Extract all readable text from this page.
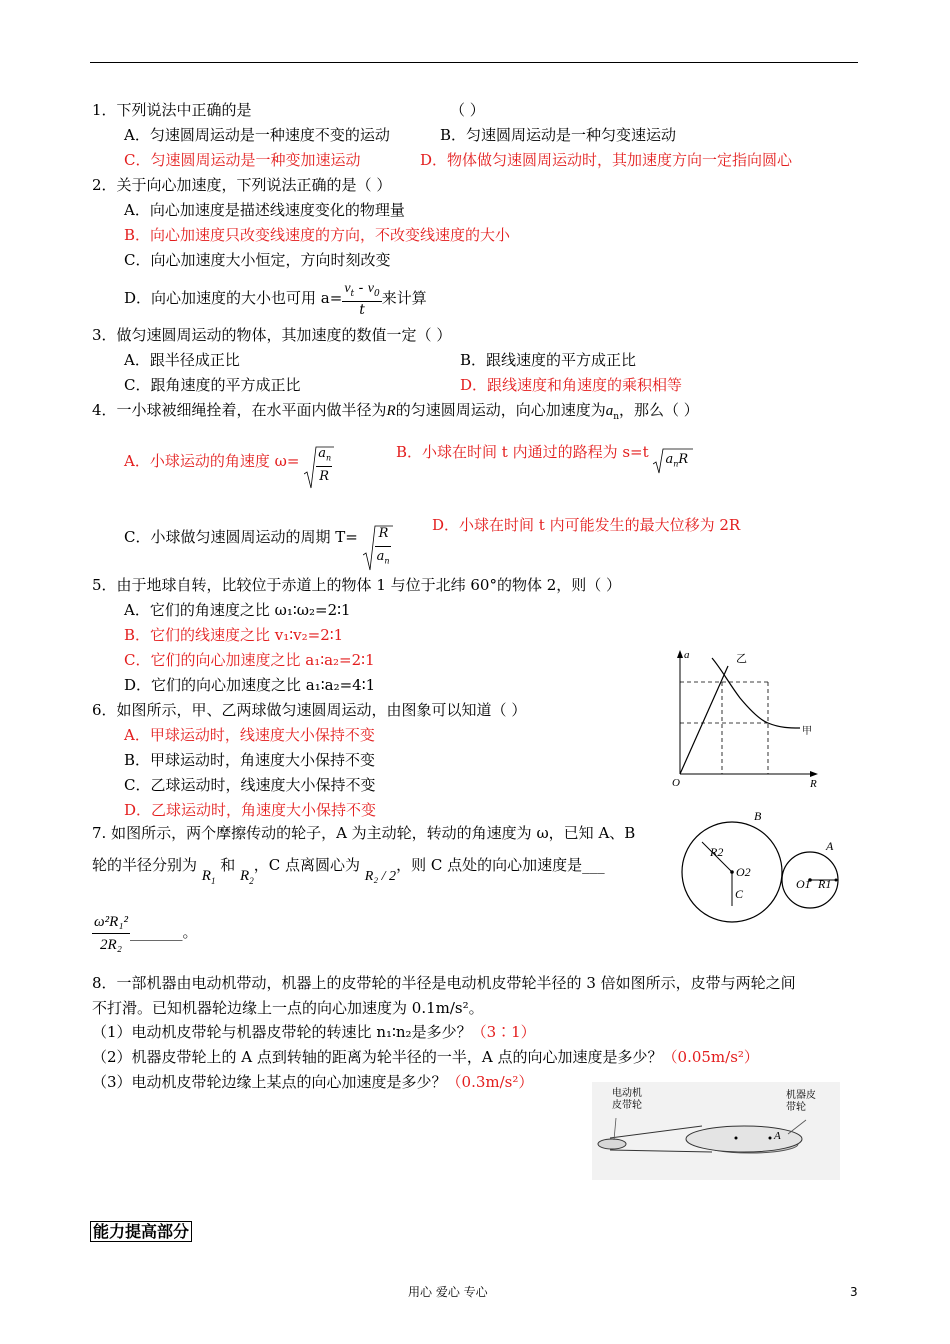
1．下列说法中正确的是	（ ）
A．匀速圆周运动是一种速度不变的运动	B．匀速圆周运动是一种匀变速运动
C．匀速圆周运动是一种变加速运动	D．物体做匀速圆周运动时，其加速度方向一定指向圆心
2．关于向心加速度，下列说法正确的是（ ）
A．向心加速度是描述线速度变化的物理量
B．向心加速度只改变线速度的方向，不改变线速度的大小
C．向心加速度大小恒定，方向时刻改变
D．向心加速度的大小也可用 $a= \frac{v_t - v_0}{t}$ 来计算
3．做匀速圆周运动的物体，其加速度的数值一定（ ）
A．跟半径成正比	B．跟线速度的平方成正比
C．跟角速度的平方成正比	D．跟线速度和角速度的乘积相等
4．一小球被细绳拴着，在水平面内做半径为R的匀速圆周运动，向心加速度为$a_n$，那么（ ）
A．小球运动的角速度 $\omega= \frac{a_n}{R}$	B．小球在时间 t 内通过的路程为 s=t $a_nR$
C．小球做匀速圆周运动的周期 $T= \frac{R}{a_n}$	D．小球在时间 t 内可能发生的最大位移为 2R
5．由于地球自转，比较位于赤道上的物体 1 与位于北纬 60°的物体 2，则（ ）
A．它们的角速度之比 ω₁∶ω₂=2∶1
B．它们的线速度之比 v₁∶v₂=2∶1
C．它们的向心加速度之比 a₁∶a₂=2∶1
D．它们的向心加速度之比 a₁∶a₂=4∶1
6．如图所示，甲、乙两球做匀速圆周运动，由图象可以知道（ ）
A．甲球运动时，线速度大小保持不变
B．甲球运动时，角速度大小保持不变
C．乙球运动时，线速度大小保持不变
D．乙球运动时，角速度大小保持不变
a
R
O
乙
甲
7. 如图所示，两个摩擦传动的轮子，A 为主动轮，转动的角速度为 ω，已知 A、B
轮的半径分别为 $R_1$ 和 $R_2$，C 点离圆心为 R₂ / 2，则 C 点处的向心加速度是___
$\frac{\text{ω²R₁²}}{\text{2R₂}}$ _______。
B
A
C
R2
O2
O1 R1
8．一部机器由电动机带动，机器上的皮带轮的半径是电动机皮带轮半径的 3 倍如图所示，皮带与两轮之间
不打滑。已知机器轮边缘上一点的向心加速度为 0.1m/s²。
（1）电动机皮带轮与机器皮带轮的转速比 n₁∶n₂是多少？（3∶1）
（2）机器皮带轮上的 A 点到转轴的距离为轮半径的一半，A 点的向心加速度是多少？（0.05m/s²）
（3）电动机皮带轮边缘上某点的向心加速度是多少？（0.3m/s²）
电动机
皮带轮
机器皮
带轮
A
能力提高部分
用心 爱心 专心	3
